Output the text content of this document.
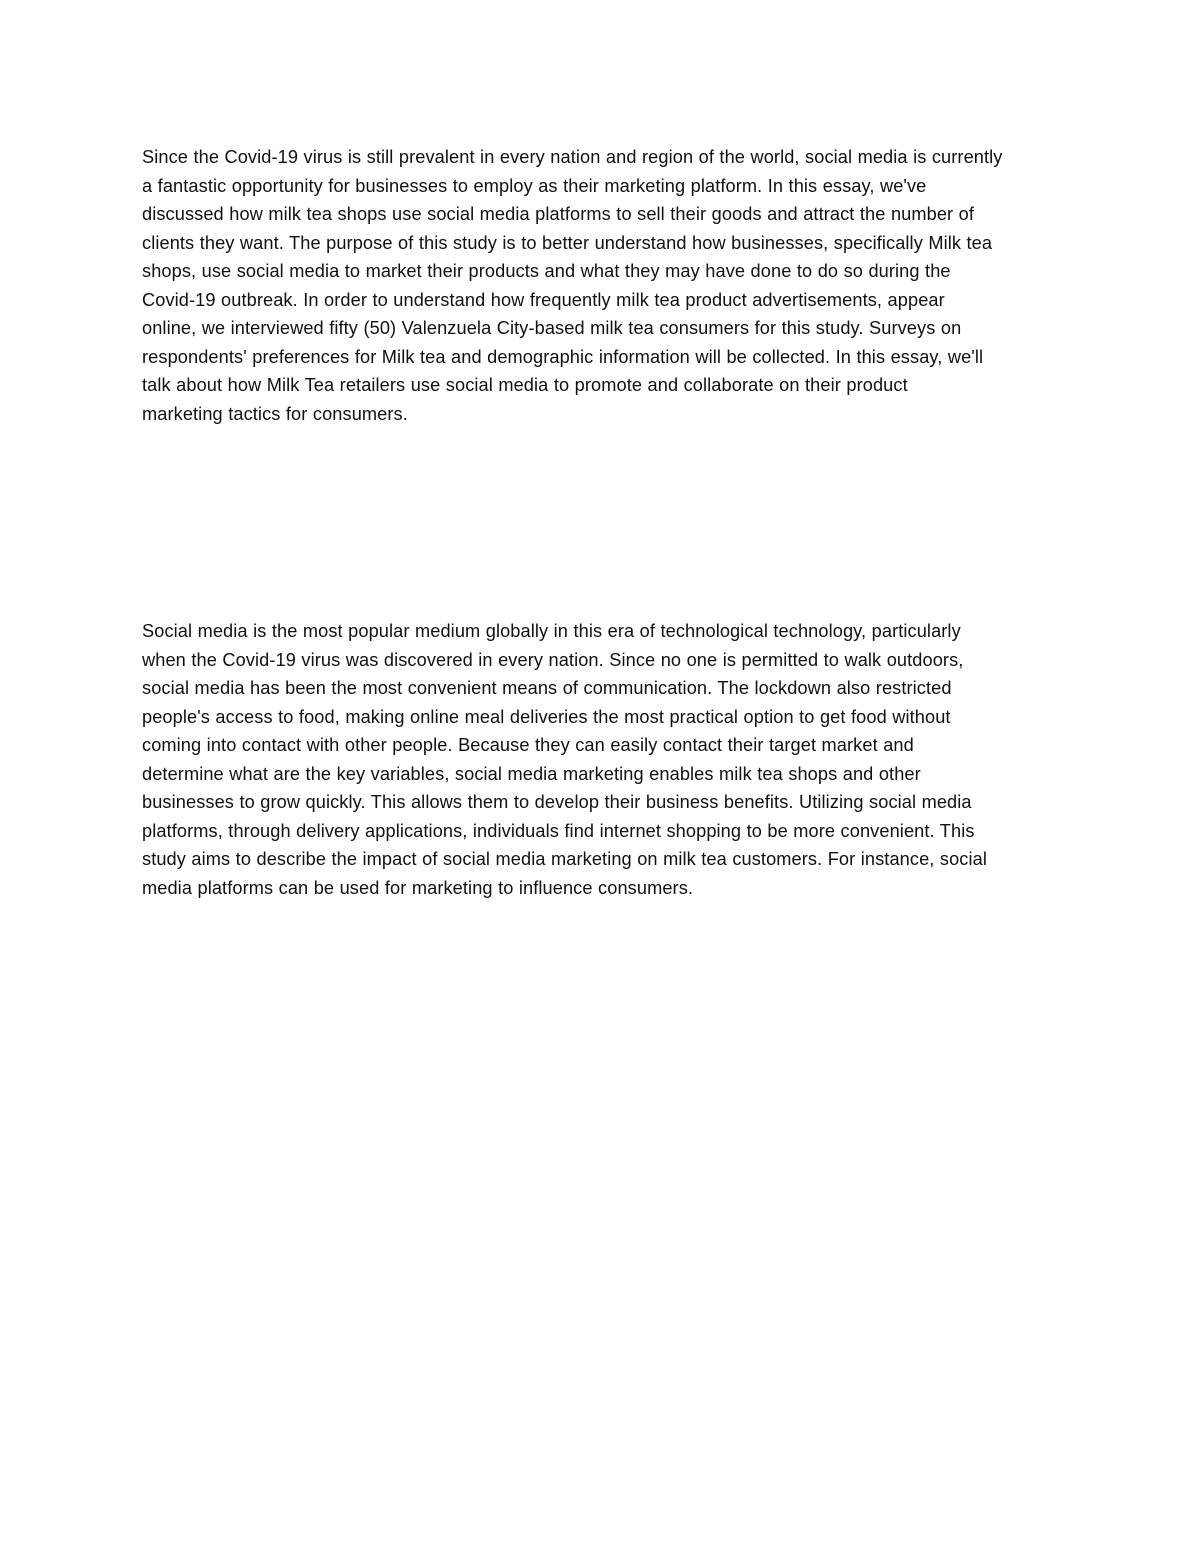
Since the Covid-19 virus is still prevalent in every nation and region of the world, social media is currently
a fantastic opportunity for businesses to employ as their marketing platform. In this essay, we've
discussed how milk tea shops use social media platforms to sell their goods and attract the number of
clients they want. The purpose of this study is to better understand how businesses, specifically Milk tea
shops, use social media to market their products and what they may have done to do so during the
Covid-19 outbreak. In order to understand how frequently milk tea product advertisements, appear
online, we interviewed fifty (50) Valenzuela City-based milk tea consumers for this study. Surveys on
respondents' preferences for Milk tea and demographic information will be collected. In this essay, we'll
talk about how Milk Tea retailers use social media to promote and collaborate on their product
marketing tactics for consumers.

Social media is the most popular medium globally in this era of technological technology, particularly
when the Covid-19 virus was discovered in every nation. Since no one is permitted to walk outdoors,
social media has been the most convenient means of communication. The lockdown also restricted
people's access to food, making online meal deliveries the most practical option to get food without
coming into contact with other people. Because they can easily contact their target market and
determine what are the key variables, social media marketing enables milk tea shops and other
businesses to grow quickly. This allows them to develop their business benefits. Utilizing social media
platforms, through delivery applications, individuals find internet shopping to be more convenient. This
study aims to describe the impact of social media marketing on milk tea customers. For instance, social
media platforms can be used for marketing to influence consumers.
